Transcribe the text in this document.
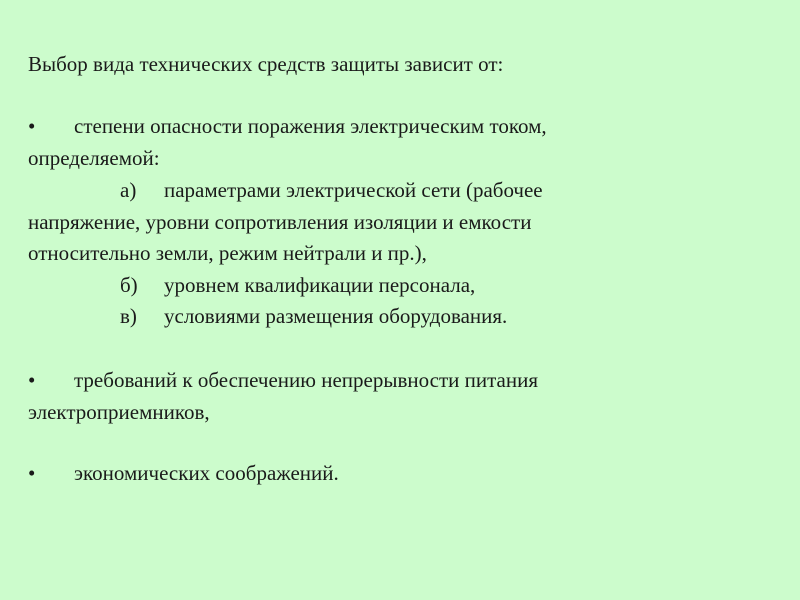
Выбор вида технических средств защиты зависит от:
• степени опасности поражения электрическим током,
определяемой:
а) параметрами электрической сети (рабочее
напряжение, уровни сопротивления изоляции и емкости
относительно земли, режим нейтрали и пр.),
б) уровнем квалификации персонала,
в) условиями размещения оборудования.
• требований к обеспечению непрерывности питания
электроприемников,
• экономических соображений.
